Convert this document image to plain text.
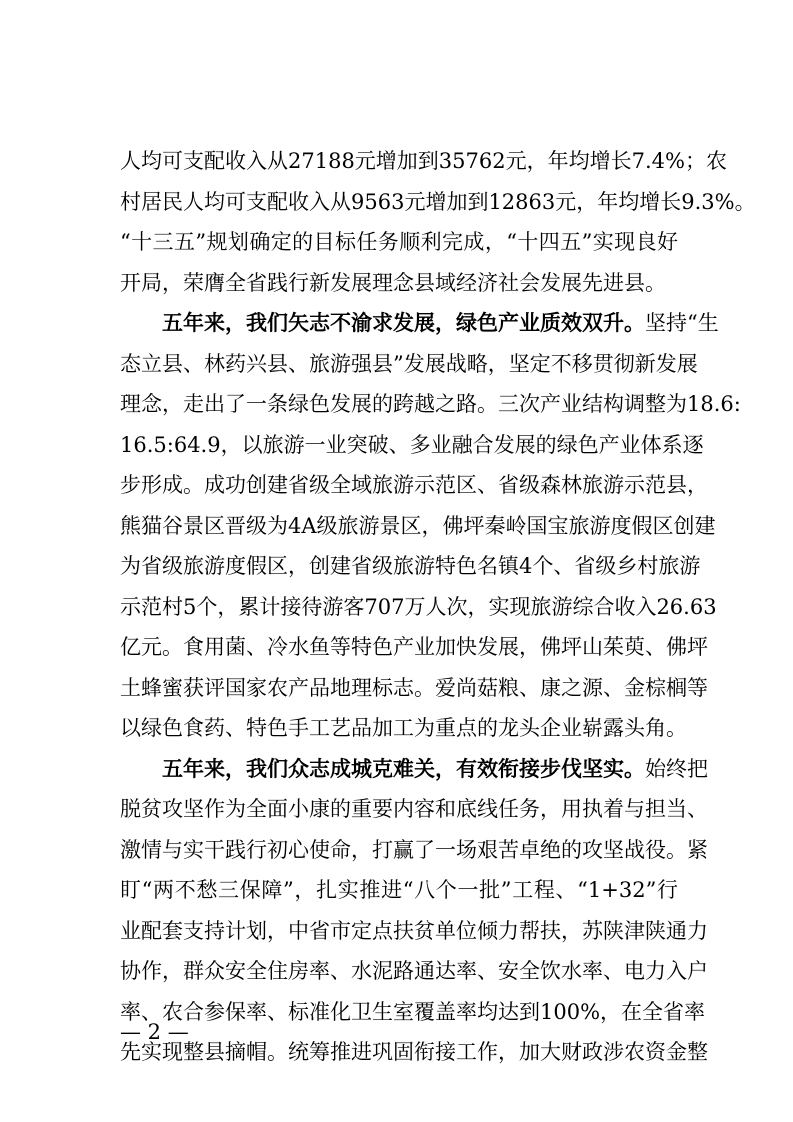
人均可支配收入从27188元增加到35762元，年均增长7.4%；农
村居民人均可支配收入从9563元增加到12863元，年均增长9.3%。
“十三五”规划确定的目标任务顺利完成，“十四五”实现良好
开局，荣膺全省践行新发展理念县域经济社会发展先进县。
五年来，我们矢志不渝求发展，绿色产业质效双升。坚持“生
态立县、林药兴县、旅游强县”发展战略，坚定不移贯彻新发展
理念，走出了一条绿色发展的跨越之路。三次产业结构调整为18.6:
16.5:64.9，以旅游一业突破、多业融合发展的绿色产业体系逐
步形成。成功创建省级全域旅游示范区、省级森林旅游示范县，
熊猫谷景区晋级为4A级旅游景区，佛坪秦岭国宝旅游度假区创建
为省级旅游度假区，创建省级旅游特色名镇4个、省级乡村旅游
示范村5个，累计接待游客707万人次，实现旅游综合收入26.63
亿元。食用菌、冷水鱼等特色产业加快发展，佛坪山茱萸、佛坪
土蜂蜜获评国家农产品地理标志。爱尚菇粮、康之源、金棕榈等
以绿色食药、特色手工艺品加工为重点的龙头企业崭露头角。
五年来，我们众志成城克难关，有效衔接步伐坚实。始终把
脱贫攻坚作为全面小康的重要内容和底线任务，用执着与担当、
激情与实干践行初心使命，打赢了一场艰苦卓绝的攻坚战役。紧
盯“两不愁三保障”，扎实推进“八个一批”工程、“1+32”行
业配套支持计划，中省市定点扶贫单位倾力帮扶，苏陕津陕通力
协作，群众安全住房率、水泥路通达率、安全饮水率、电力入户
率、农合参保率、标准化卫生室覆盖率均达到100%，在全省率
先实现整县摘帽。统筹推进巩固衔接工作，加大财政涉农资金整
— 2 —
